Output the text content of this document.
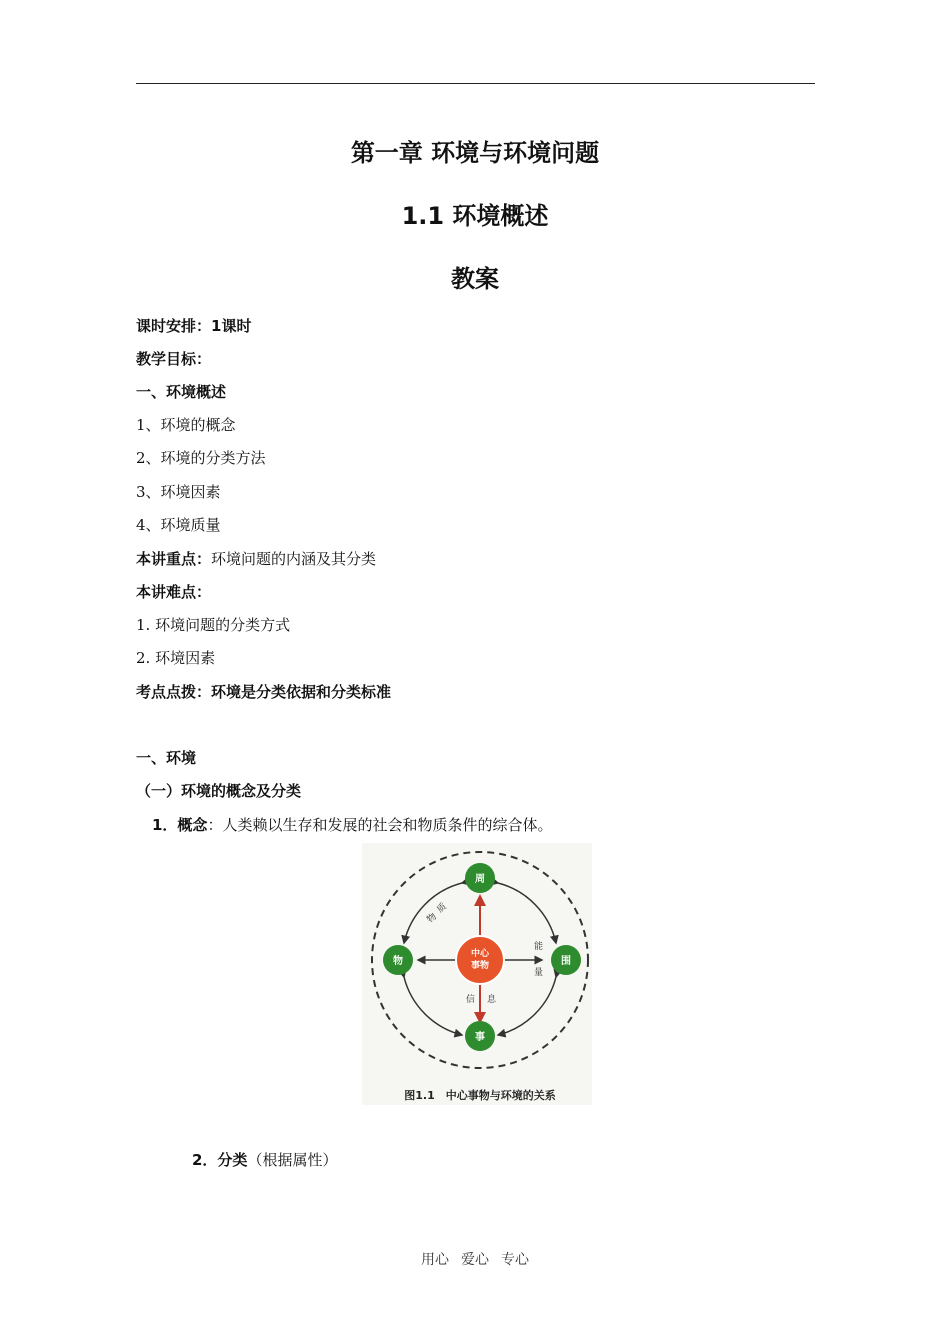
第一章 环境与环境问题
1.1 环境概述
教案
课时安排：1课时
教学目标：
一、环境概述
1、环境的概念
2、环境的分类方法
3、环境因素
4、环境质量
本讲重点：环境问题的内涵及其分类
本讲难点：
1. 环境问题的分类方式
2. 环境因素
考点点拨：环境是分类依据和分类标准
一、环境
（一）环境的概念及分类
1．概念：人类赖以生存和发展的社会和物质条件的综合体。
中心
事物
周
物	围
事
物
质
能
量
信 息
图1.1　中心事物与环境的关系
2．分类（根据属性）
用心 爱心 专心
